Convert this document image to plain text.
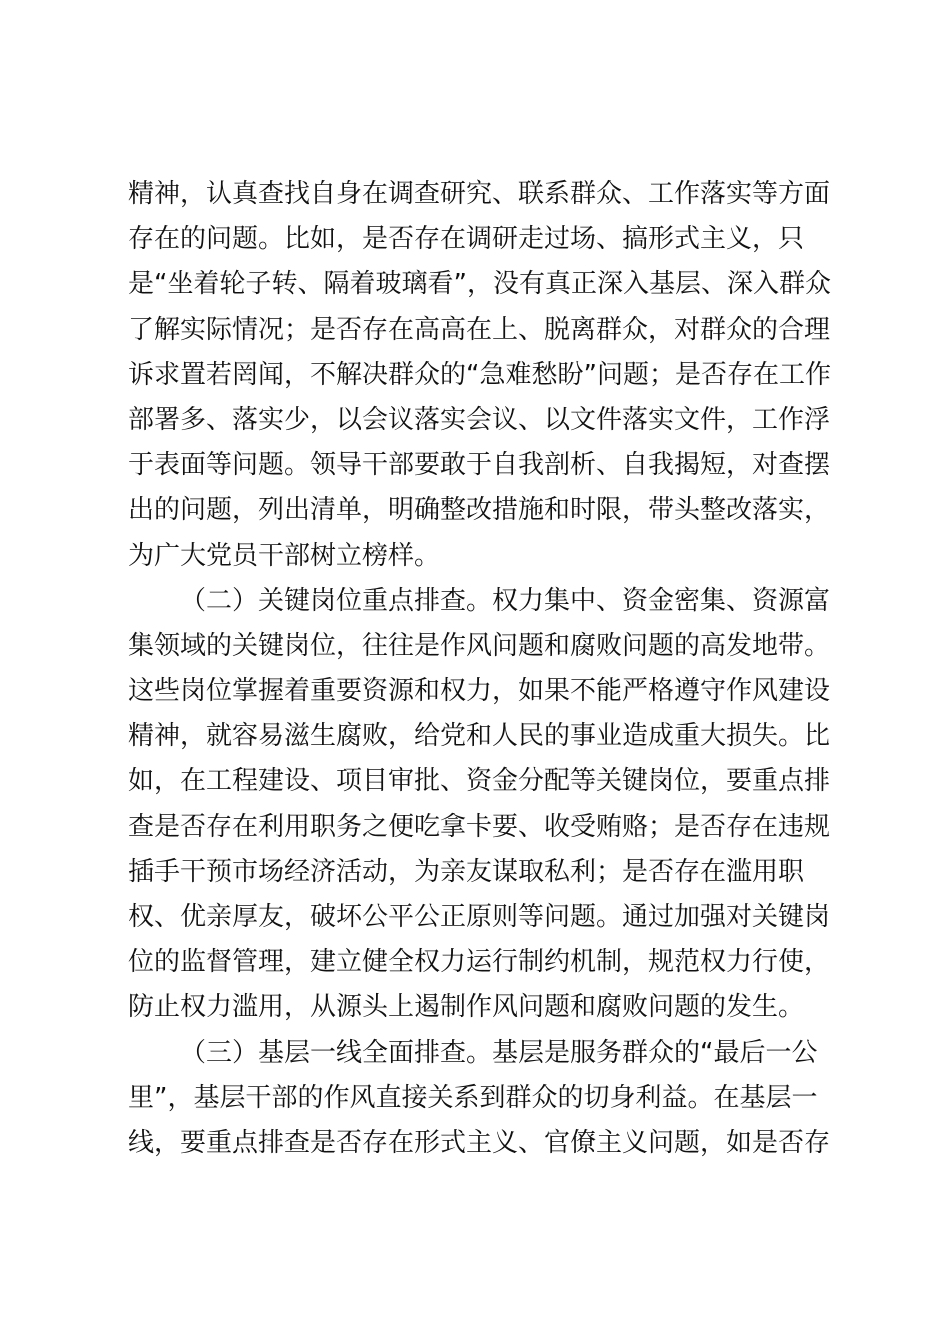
精神，认真查找自身在调查研究、联系群众、工作落实等方面
存在的问题。比如，是否存在调研走过场、搞形式主义，只
是“坐着轮子转、隔着玻璃看”，没有真正深入基层、深入群众
了解实际情况；是否存在高高在上、脱离群众，对群众的合理
诉求置若罔闻，不解决群众的“急难愁盼”问题；是否存在工作
部署多、落实少，以会议落实会议、以文件落实文件，工作浮
于表面等问题。领导干部要敢于自我剖析、自我揭短，对查摆
出的问题，列出清单，明确整改措施和时限，带头整改落实，
为广大党员干部树立榜样。
（二）关键岗位重点排查。权力集中、资金密集、资源富
集领域的关键岗位，往往是作风问题和腐败问题的高发地带。
这些岗位掌握着重要资源和权力，如果不能严格遵守作风建设
精神，就容易滋生腐败，给党和人民的事业造成重大损失。比
如，在工程建设、项目审批、资金分配等关键岗位，要重点排
查是否存在利用职务之便吃拿卡要、收受贿赂；是否存在违规
插手干预市场经济活动，为亲友谋取私利；是否存在滥用职
权、优亲厚友，破坏公平公正原则等问题。通过加强对关键岗
位的监督管理，建立健全权力运行制约机制，规范权力行使，
防止权力滥用，从源头上遏制作风问题和腐败问题的发生。
（三）基层一线全面排查。基层是服务群众的“最后一公
里”，基层干部的作风直接关系到群众的切身利益。在基层一
线，要重点排查是否存在形式主义、官僚主义问题，如是否存
